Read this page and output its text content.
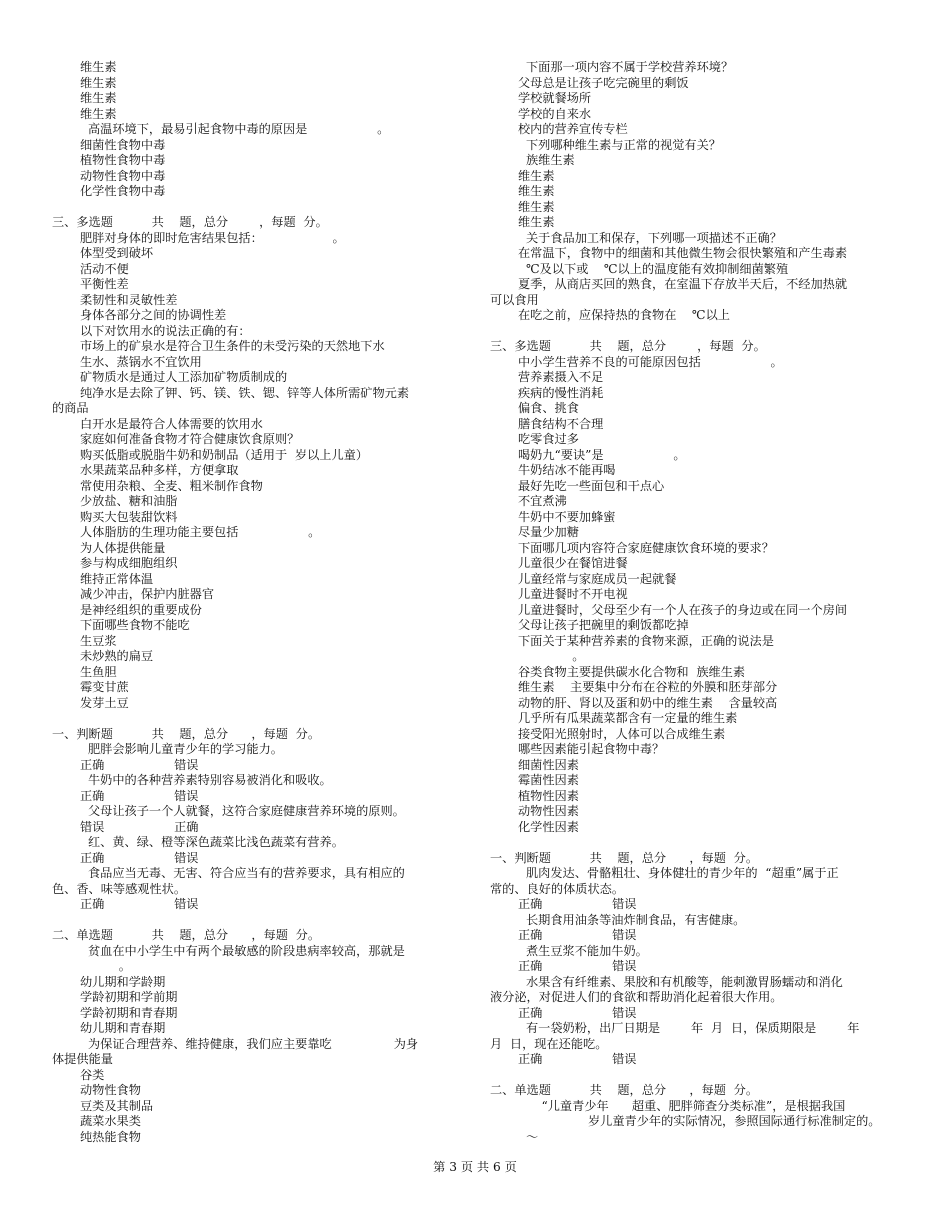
维生素
维生素
维生素
维生素
高温环境下，最易引起食物中毒的原因是                  。
细菌性食物中毒
植物性食物中毒
动物性食物中毒
化学性食物中毒
三、多选题          共    题，总分        ，每题  分。
肥胖对身体的即时危害结果包括：                  。
体型受到破坏
活动不便
平衡性差
柔韧性和灵敏性差
身体各部分之间的协调性差
以下对饮用水的说法正确的有：
市场上的矿泉水是符合卫生条件的未受污染的天然地下水
生水、蒸锅水不宜饮用
矿物质水是通过人工添加矿物质制成的
纯净水是去除了钾、钙、镁、铁、锶、锌等人体所需矿物元素
的商品
白开水是最符合人体需要的饮用水
家庭如何准备食物才符合健康饮食原则？
购买低脂或脱脂牛奶和奶制品（适用于  岁以上儿童）
水果蔬菜品种多样，方便拿取
常使用杂粮、全麦、粗米制作食物
少放盐、糖和油脂
购买大包装甜饮料
人体脂肪的生理功能主要包括                  。
为人体提供能量
参与构成细胞组织
维持正常体温
减少冲击，保护内脏器官
是神经组织的重要成份
下面哪些食物不能吃
生豆浆
未炒熟的扁豆
生鱼胆
霉变甘蔗
发芽土豆
一、判断题          共    题，总分      ，每题  分。
肥胖会影响儿童青少年的学习能力。
正确                  错误
牛奶中的各种营养素特别容易被消化和吸收。
正确                  错误
父母让孩子一个人就餐，这符合家庭健康营养环境的原则。
错误                  正确
红、黄、绿、橙等深色蔬菜比浅色蔬菜有营养。
正确                  错误
食品应当无毒、无害、符合应当有的营养要求，具有相应的
色、香、味等感观性状。
正确                  错误
二、单选题          共    题，总分      ，每题  分。
贫血在中小学生中有两个最敏感的阶段患病率较高，那就是
。
幼儿期和学龄期
学龄初期和学前期
学龄初期和青春期
幼儿期和青春期
为保证合理营养、维持健康，我们应主要靠吃                为身
体提供能量
谷类
动物性食物
豆类及其制品
蔬菜水果类
纯热能食物
下面那一项内容不属于学校营养环境？
父母总是让孩子吃完碗里的剩饭
学校就餐场所
学校的自来水
校内的营养宣传专栏
下列哪种维生素与正常的视觉有关？
族维生素
维生素
维生素
维生素
维生素
关于食品加工和保存，下列哪一项描述不正确？
在常温下，食物中的细菌和其他微生物会很快繁殖和产生毒素
℃及以下或    ℃以上的温度能有效抑制细菌繁殖
夏季，从商店买回的熟食，在室温下存放半天后，不经加热就
可以食用
在吃之前，应保持热的食物在    ℃以上
三、多选题          共    题，总分        ，每题  分。
中小学生营养不良的可能原因包括                  。
营养素摄入不足
疾病的慢性消耗
偏食、挑食
膳食结构不合理
吃零食过多
喝奶九“要诀”是                  。
牛奶结冰不能再喝
最好先吃一些面包和干点心
不宜煮沸
牛奶中不要加蜂蜜
尽量少加糖
下面哪几项内容符合家庭健康饮食环境的要求？
儿童很少在餐馆进餐
儿童经常与家庭成员一起就餐
儿童进餐时不开电视
儿童进餐时，父母至少有一个人在孩子的身边或在同一个房间
父母让孩子把碗里的剩饭都吃掉
下面关于某种营养素的食物来源，正确的说法是
。
谷类食物主要提供碳水化合物和  族维生素
维生素    主要集中分布在谷粒的外膜和胚芽部分
动物的肝、肾以及蛋和奶中的维生素    含量较高
几乎所有瓜果蔬菜都含有一定量的维生素
接受阳光照射时，人体可以合成维生素
哪些因素能引起食物中毒？
细菌性因素
霉菌性因素
植物性因素
动物性因素
化学性因素
一、判断题          共    题，总分      ，每题  分。
肌肉发达、骨骼粗壮、身体健壮的青少年的  “超重”属于正
常的、良好的体质状态。
正确                  错误
长期食用油条等油炸制食品，有害健康。
正确                  错误
煮生豆浆不能加牛奶。
正确                  错误
水果含有纤维素、果胶和有机酸等，能刺激胃肠蠕动和消化
液分泌，对促进人们的食欲和帮助消化起着很大作用。
正确                  错误
有一袋奶粉，出厂日期是        年  月  日，保质期限是        年
月  日，现在还能吃。
正确                  错误
二、单选题          共    题，总分      ，每题  分。
“儿童青少年      超重、肥胖筛查分类标准”，是根据我国
岁儿童青少年的实际情况，参照国际通行标准制定的。
～
第 3 页 共 6 页
